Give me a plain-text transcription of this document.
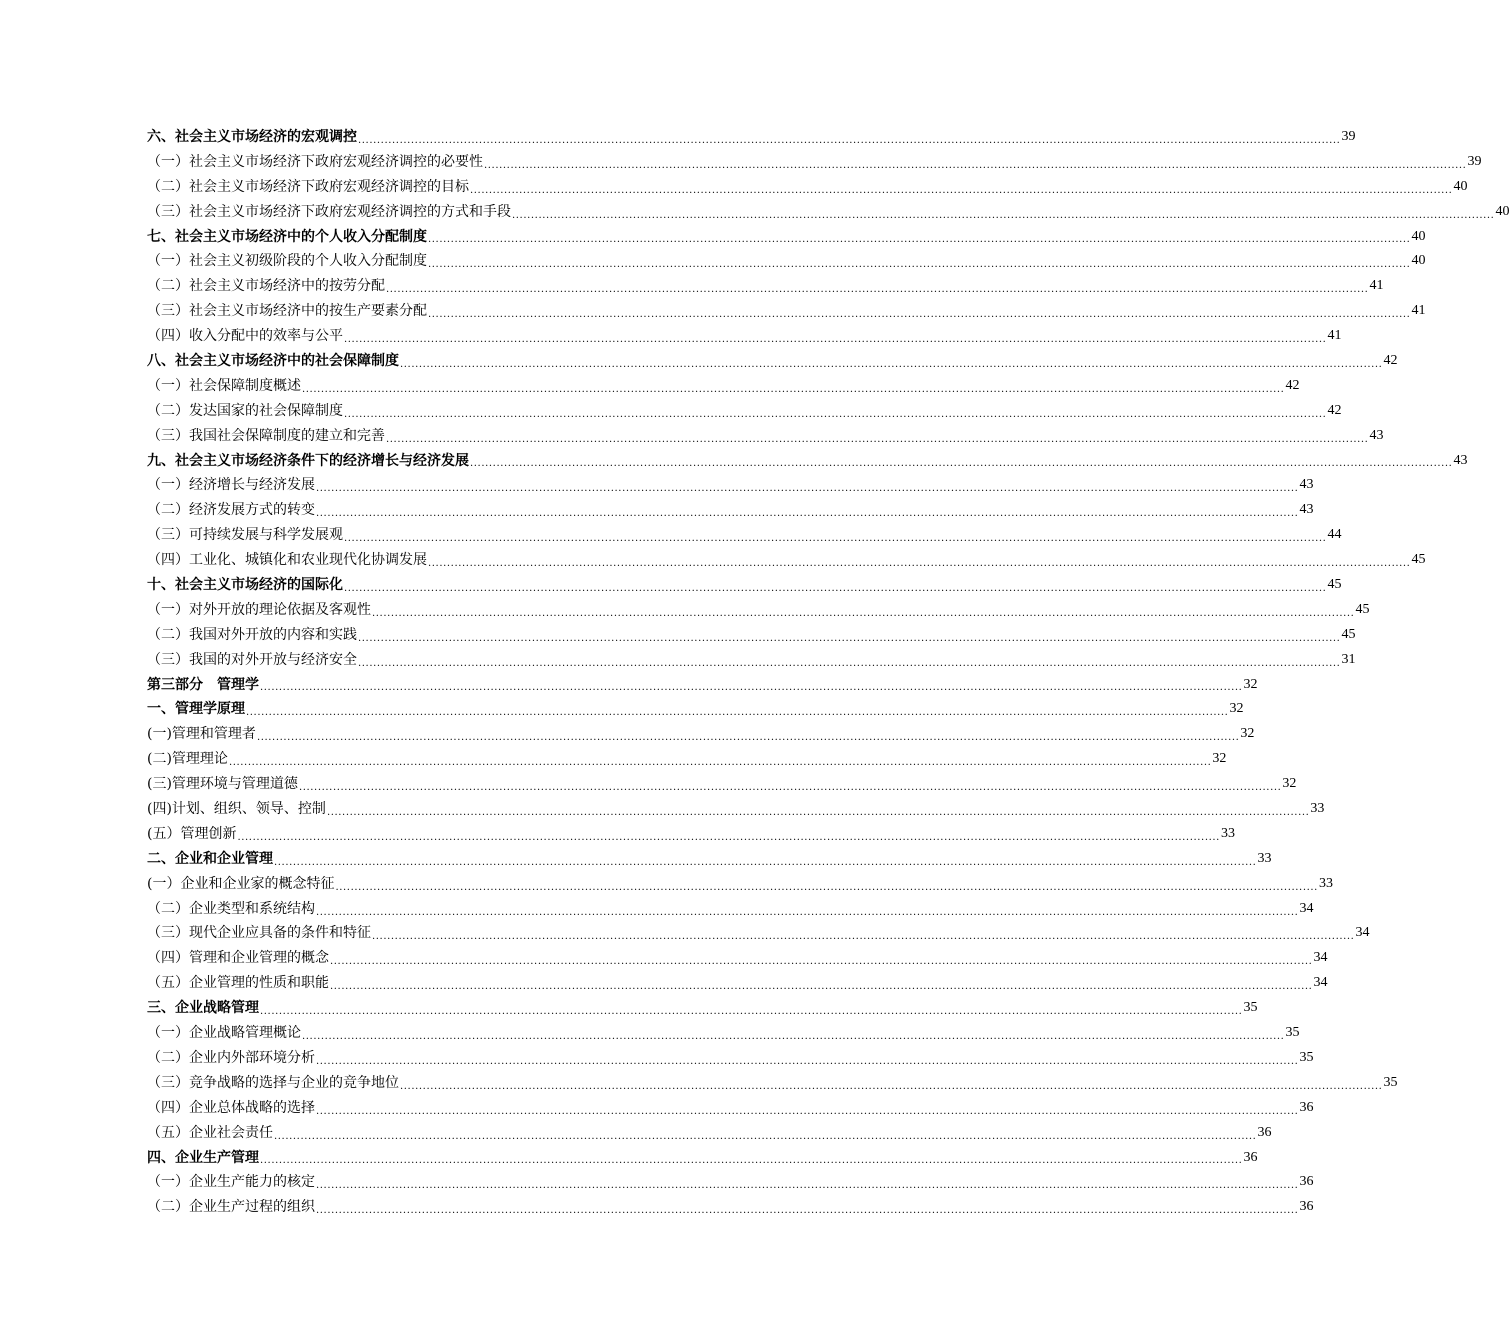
六、社会主义市场经济的宏观调控 .................................................................................................................................................................................................................................................................... 39
（一）社会主义市场经济下政府宏观经济调控的必要性 .................................................................................................................................................................................................................................................................... 39
（二）社会主义市场经济下政府宏观经济调控的目标 .................................................................................................................................................................................................................................................................... 40
（三）社会主义市场经济下政府宏观经济调控的方式和手段 .................................................................................................................................................................................................................................................................... 40
七、社会主义市场经济中的个人收入分配制度 .................................................................................................................................................................................................................................................................... 40
（一）社会主义初级阶段的个人收入分配制度 .................................................................................................................................................................................................................................................................... 40
（二）社会主义市场经济中的按劳分配 .................................................................................................................................................................................................................................................................... 41
（三）社会主义市场经济中的按生产要素分配 .................................................................................................................................................................................................................................................................... 41
（四）收入分配中的效率与公平 .................................................................................................................................................................................................................................................................... 41
八、社会主义市场经济中的社会保障制度 .................................................................................................................................................................................................................................................................... 42
（一）社会保障制度概述 .................................................................................................................................................................................................................................................................... 42
（二）发达国家的社会保障制度 .................................................................................................................................................................................................................................................................... 42
（三）我国社会保障制度的建立和完善 .................................................................................................................................................................................................................................................................... 43
九、社会主义市场经济条件下的经济增长与经济发展 .................................................................................................................................................................................................................................................................... 43
（一）经济增长与经济发展 .................................................................................................................................................................................................................................................................... 43
（二）经济发展方式的转变 .................................................................................................................................................................................................................................................................... 43
（三）可持续发展与科学发展观 .................................................................................................................................................................................................................................................................... 44
（四）工业化、城镇化和农业现代化协调发展 .................................................................................................................................................................................................................................................................... 45
十、社会主义市场经济的国际化 .................................................................................................................................................................................................................................................................... 45
（一）对外开放的理论依据及客观性 .................................................................................................................................................................................................................................................................... 45
（二）我国对外开放的内容和实践 .................................................................................................................................................................................................................................................................... 45
（三）我国的对外开放与经济安全 .................................................................................................................................................................................................................................................................... 31
第三部分　管理学 .................................................................................................................................................................................................................................................................... 32
一、管理学原理 .................................................................................................................................................................................................................................................................... 32
(一)管理和管理者 .................................................................................................................................................................................................................................................................... 32
(二)管理理论 .................................................................................................................................................................................................................................................................... 32
(三)管理环境与管理道德 .................................................................................................................................................................................................................................................................... 32
(四)计划、组织、领导、控制 .................................................................................................................................................................................................................................................................... 33
(五）管理创新 .................................................................................................................................................................................................................................................................... 33
二、企业和企业管理 .................................................................................................................................................................................................................................................................... 33
(一）企业和企业家的概念特征 .................................................................................................................................................................................................................................................................... 33
（二）企业类型和系统结构 .................................................................................................................................................................................................................................................................... 34
（三）现代企业应具备的条件和特征 .................................................................................................................................................................................................................................................................... 34
（四）管理和企业管理的概念 .................................................................................................................................................................................................................................................................... 34
（五）企业管理的性质和职能 .................................................................................................................................................................................................................................................................... 34
三、企业战略管理 .................................................................................................................................................................................................................................................................... 35
（一）企业战略管理概论 .................................................................................................................................................................................................................................................................... 35
（二）企业内外部环境分析 .................................................................................................................................................................................................................................................................... 35
（三）竞争战略的选择与企业的竞争地位 .................................................................................................................................................................................................................................................................... 35
（四）企业总体战略的选择 .................................................................................................................................................................................................................................................................... 36
（五）企业社会责任 .................................................................................................................................................................................................................................................................... 36
四、企业生产管理 .................................................................................................................................................................................................................................................................... 36
（一）企业生产能力的核定 .................................................................................................................................................................................................................................................................... 36
（二）企业生产过程的组织 .................................................................................................................................................................................................................................................................... 36
